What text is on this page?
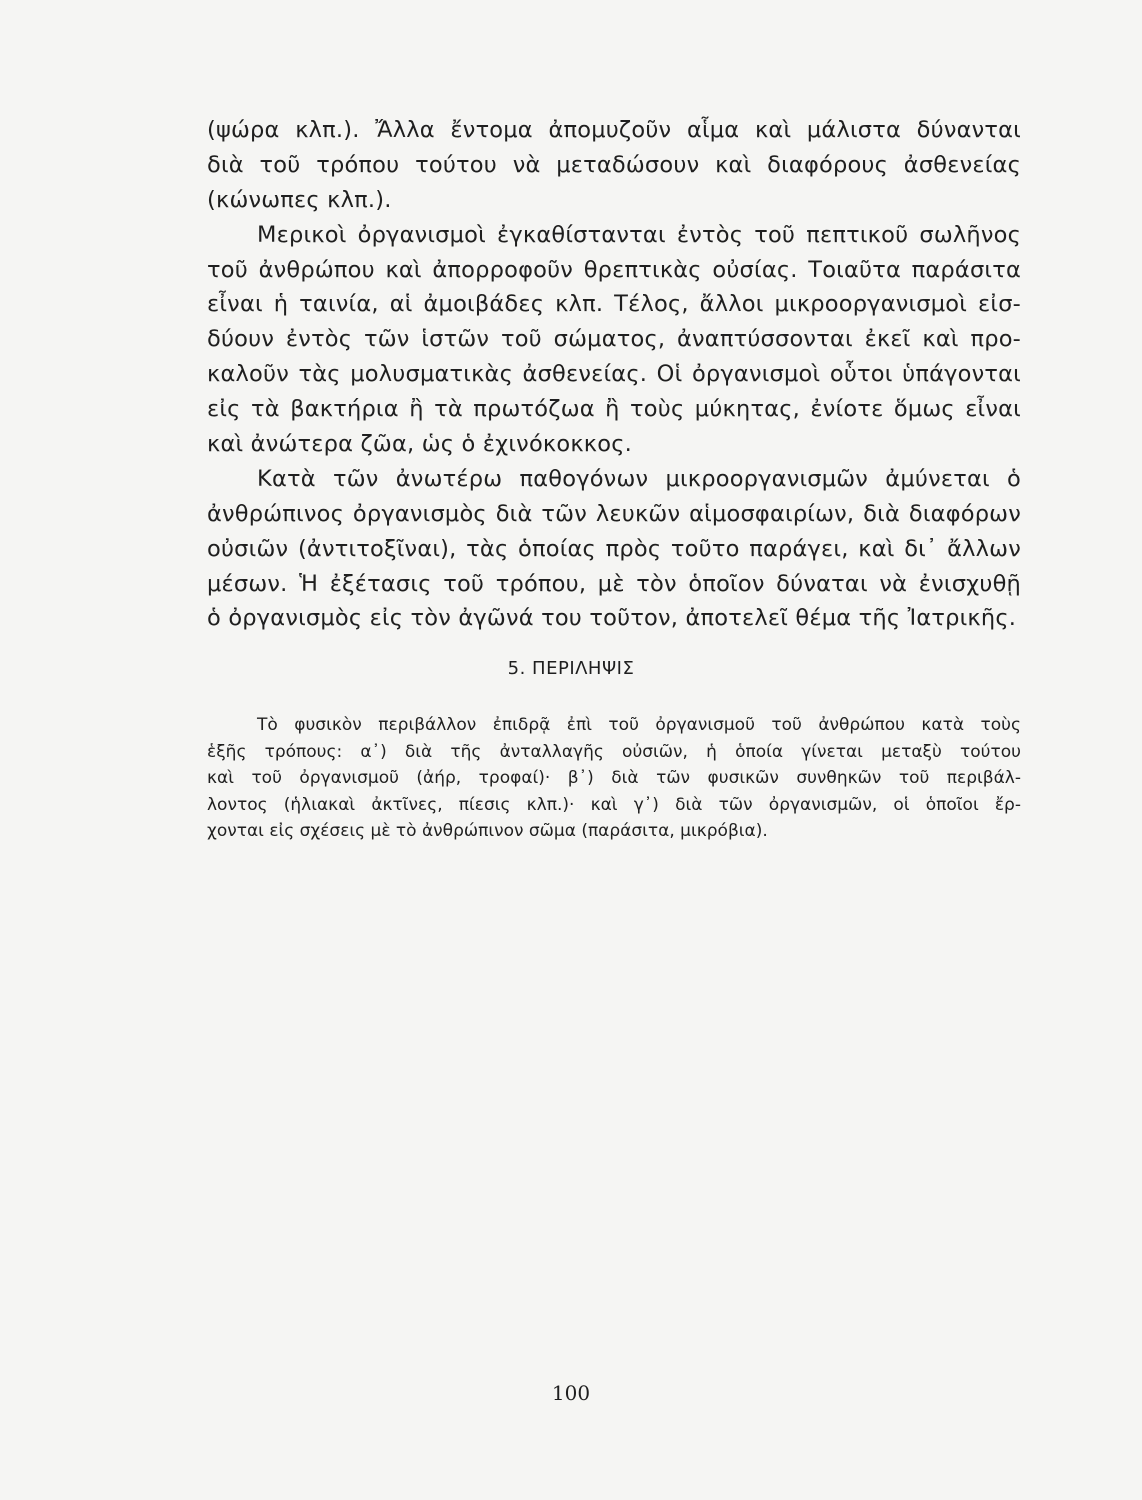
(ψώρα κλπ.). Ἄλλα ἔντομα ἀπομυζοῦν αἷμα καὶ μάλιστα δύνανται
διὰ τοῦ τρόπου τούτου νὰ μεταδώσουν καὶ διαφόρους ἀσθενείας
(κώνωπες κλπ.).
Μερικοὶ ὀργανισμοὶ ἐγκαθίστανται ἐντὸς τοῦ πεπτικοῦ σωλῆνος
τοῦ ἀνθρώπου καὶ ἀπορροφοῦν θρεπτικὰς οὐσίας. Τοιαῦτα παράσιτα
εἶναι ἡ ταινία, αἱ ἀμοιβάδες κλπ. Τέλος, ἄλλοι μικροοργανισμοὶ εἰσ-
δύουν ἐντὸς τῶν ἱστῶν τοῦ σώματος, ἀναπτύσσονται ἐκεῖ καὶ προ-
καλοῦν τὰς μολυσματικὰς ἀσθενείας. Οἱ ὀργανισμοὶ οὗτοι ὑπάγονται
εἰς τὰ βακτήρια ἢ τὰ πρωτόζωα ἢ τοὺς μύκητας, ἐνίοτε ὅμως εἶναι
καὶ ἀνώτερα ζῶα, ὡς ὁ ἐχινόκοκκος.
Κατὰ τῶν ἀνωτέρω παθογόνων μικροοργανισμῶν ἀμύνεται ὁ
ἀνθρώπινος ὀργανισμὸς διὰ τῶν λευκῶν αἱμοσφαιρίων, διὰ διαφόρων
οὐσιῶν (ἀντιτοξῖναι), τὰς ὁποίας πρὸς τοῦτο παράγει, καὶ δι᾿ ἄλλων
μέσων. Ἡ ἐξέτασις τοῦ τρόπου, μὲ τὸν ὁποῖον δύναται νὰ ἐνισχυθῇ
ὁ ὀργανισμὸς εἰς τὸν ἀγῶνά του τοῦτον, ἀποτελεῖ θέμα τῆς Ἰατρικῆς.
5. ΠΕΡΙΛΗΨΙΣ
Τὸ φυσικὸν περιβάλλον ἐπιδρᾷ ἐπὶ τοῦ ὀργανισμοῦ τοῦ ἀνθρώπου κατὰ τοὺς
ἑξῆς τρόπους: α᾿) διὰ τῆς ἀνταλλαγῆς οὐσιῶν, ἡ ὁποία γίνεται μεταξὺ τούτου
καὶ τοῦ ὀργανισμοῦ (ἀήρ, τροφαί)· β᾿) διὰ τῶν φυσικῶν συνθηκῶν τοῦ περιβάλ-
λοντος (ἡλιακαὶ ἀκτῖνες, πίεσις κλπ.)· καὶ γ᾿) διὰ τῶν ὀργανισμῶν, οἱ ὁποῖοι ἔρ-
χονται εἰς σχέσεις μὲ τὸ ἀνθρώπινον σῶμα (παράσιτα, μικρόβια).
100
